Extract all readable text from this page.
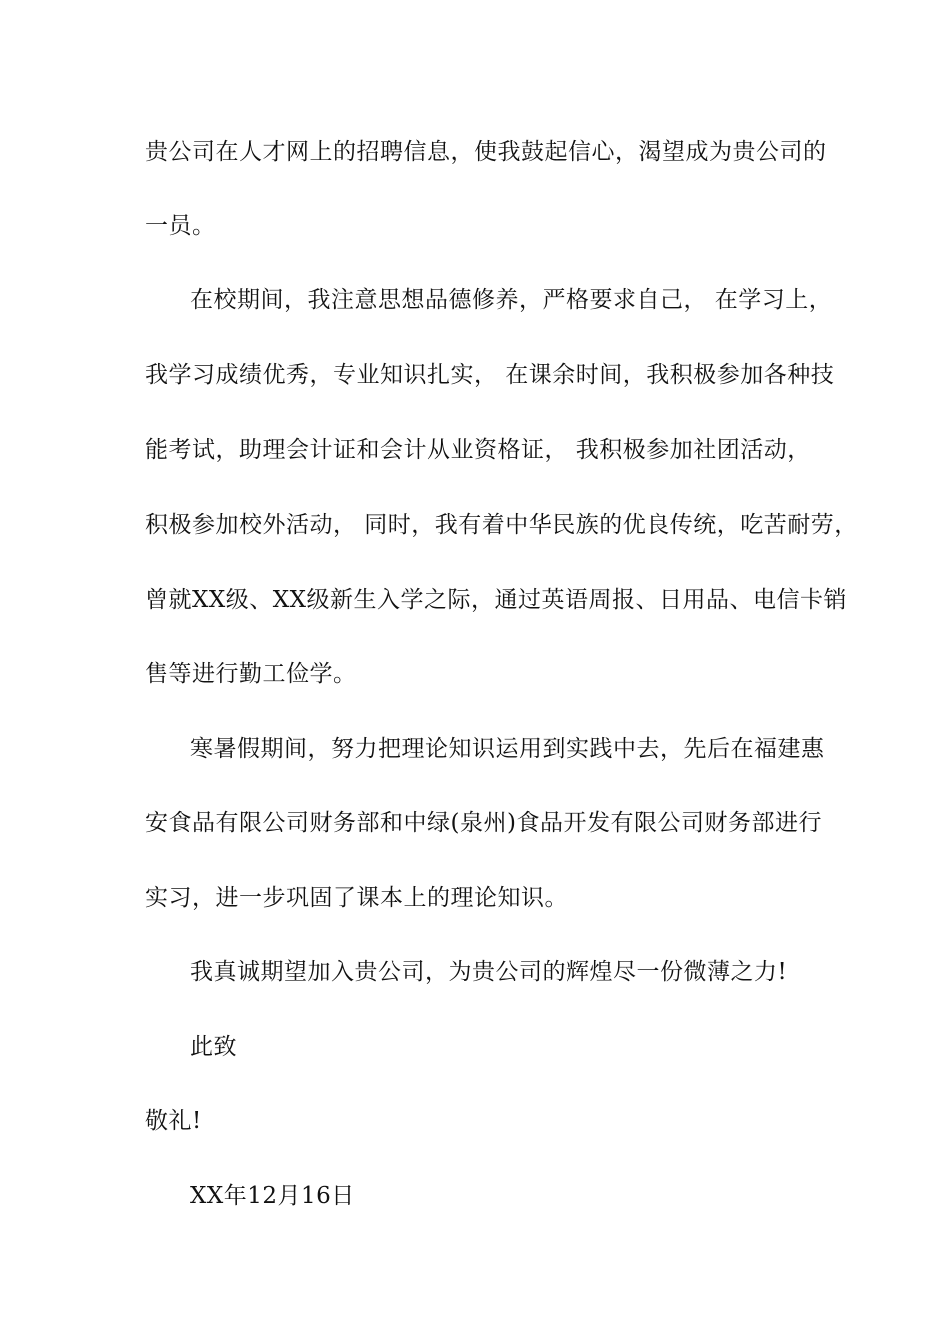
贵公司在人才网上的招聘信息，使我鼓起信心，渴望成为贵公司的
一员。
在校期间，我注意思想品德修养，严格要求自己， 在学习上，
我学习成绩优秀，专业知识扎实， 在课余时间，我积极参加各种技
能考试，助理会计证和会计从业资格证， 我积极参加社团活动，
积极参加校外活动， 同时，我有着中华民族的优良传统，吃苦耐劳，
曾就XX级、XX级新生入学之际，通过英语周报、日用品、电信卡销
售等进行勤工俭学。
寒暑假期间，努力把理论知识运用到实践中去，先后在福建惠
安食品有限公司财务部和中绿(泉州)食品开发有限公司财务部进行
实习，进一步巩固了课本上的理论知识。
我真诚期望加入贵公司，为贵公司的辉煌尽一份微薄之力!
此致
敬礼!
XX年12月16日
